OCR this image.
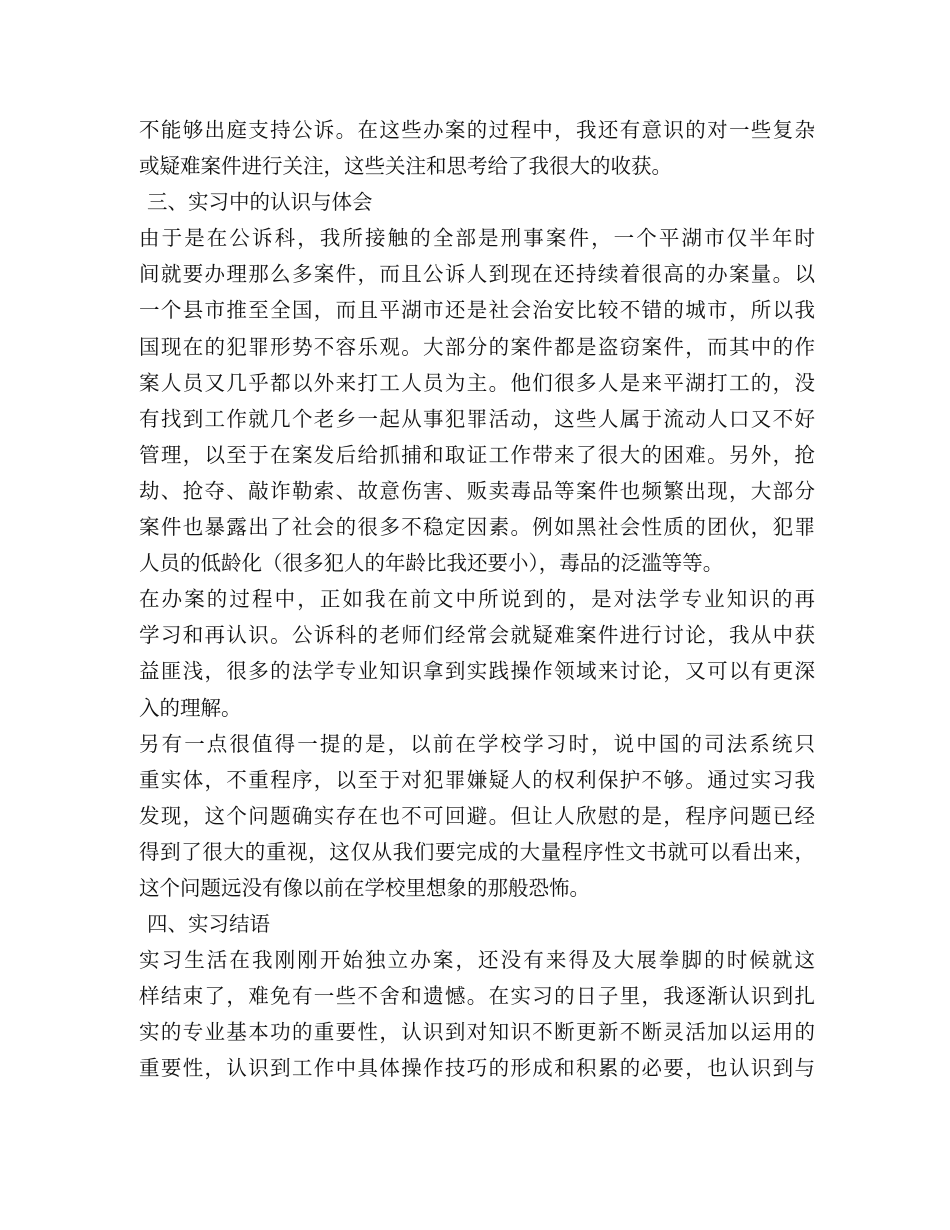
不能够出庭支持公诉。在这些办案的过程中，我还有意识的对一些复杂
或疑难案件进行关注，这些关注和思考给了我很大的收获。
三、实习中的认识与体会
由于是在公诉科，我所接触的全部是刑事案件，一个平湖市仅半年时
间就要办理那么多案件，而且公诉人到现在还持续着很高的办案量。以
一个县市推至全国，而且平湖市还是社会治安比较不错的城市，所以我
国现在的犯罪形势不容乐观。大部分的案件都是盗窃案件，而其中的作
案人员又几乎都以外来打工人员为主。他们很多人是来平湖打工的，没
有找到工作就几个老乡一起从事犯罪活动，这些人属于流动人口又不好
管理，以至于在案发后给抓捕和取证工作带来了很大的困难。另外，抢
劫、抢夺、敲诈勒索、故意伤害、贩卖毒品等案件也频繁出现，大部分
案件也暴露出了社会的很多不稳定因素。例如黑社会性质的团伙，犯罪
人员的低龄化（很多犯人的年龄比我还要小），毒品的泛滥等等。
在办案的过程中，正如我在前文中所说到的，是对法学专业知识的再
学习和再认识。公诉科的老师们经常会就疑难案件进行讨论，我从中获
益匪浅，很多的法学专业知识拿到实践操作领域来讨论，又可以有更深
入的理解。
另有一点很值得一提的是，以前在学校学习时，说中国的司法系统只
重实体，不重程序，以至于对犯罪嫌疑人的权利保护不够。通过实习我
发现，这个问题确实存在也不可回避。但让人欣慰的是，程序问题已经
得到了很大的重视，这仅从我们要完成的大量程序性文书就可以看出来，
这个问题远没有像以前在学校里想象的那般恐怖。
四、实习结语
实习生活在我刚刚开始独立办案，还没有来得及大展拳脚的时候就这
样结束了，难免有一些不舍和遗憾。在实习的日子里，我逐渐认识到扎
实的专业基本功的重要性，认识到对知识不断更新不断灵活加以运用的
重要性，认识到工作中具体操作技巧的形成和积累的必要，也认识到与
